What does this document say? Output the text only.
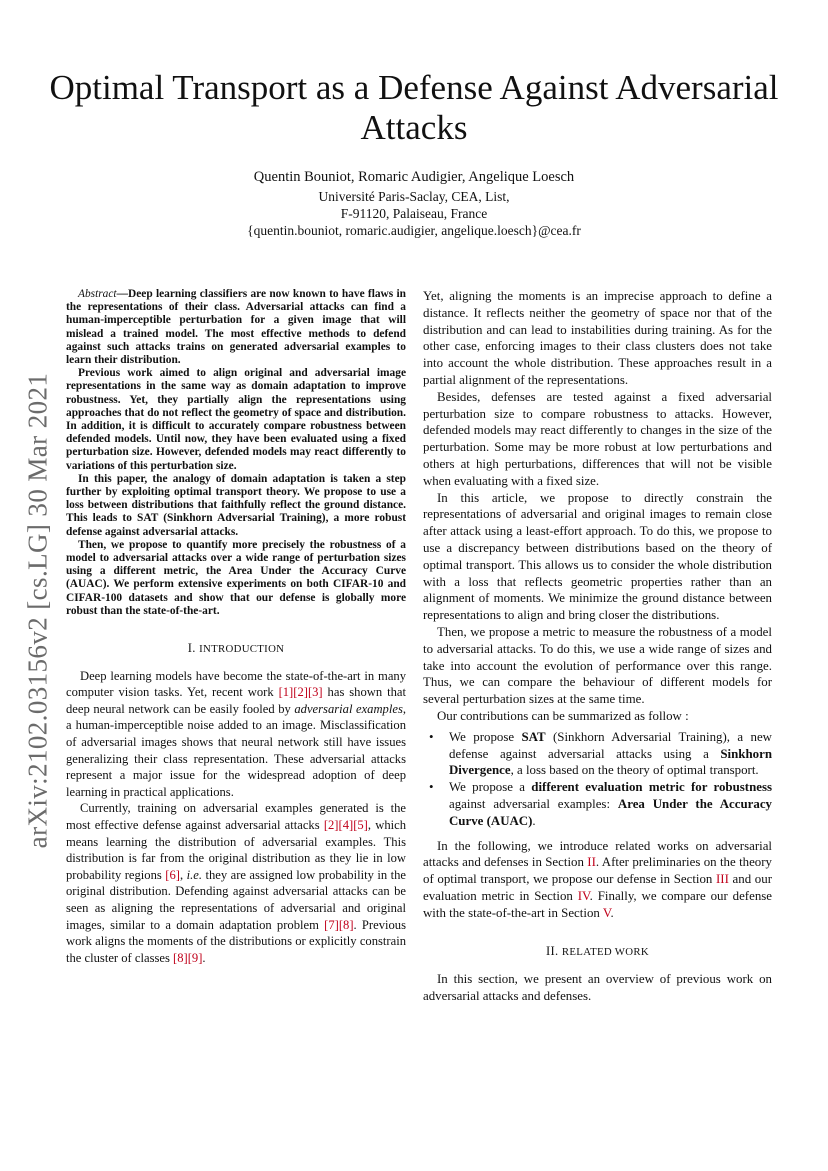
arXiv:2102.03156v2 [cs.LG] 30 Mar 2021
Optimal Transport as a Defense Against Adversarial Attacks
Quentin Bouniot, Romaric Audigier, Angelique Loesch
Université Paris-Saclay, CEA, List,
F-91120, Palaiseau, France
{quentin.bouniot, romaric.audigier, angelique.loesch}@cea.fr

Abstract—Deep learning classifiers are now known to have flaws in the representations of their class. Adversarial attacks can find a human-imperceptible perturbation for a given image that will mislead a trained model. The most effective methods to defend against such attacks trains on generated adversarial examples to learn their distribution.

Previous work aimed to align original and adversarial image representations in the same way as domain adaptation to improve robustness. Yet, they partially align the representations using approaches that do not reflect the geometry of space and distribution. In addition, it is difficult to accurately compare robustness between defended models. Until now, they have been evaluated using a fixed perturbation size. However, defended models may react differently to variations of this perturbation size.

In this paper, the analogy of domain adaptation is taken a step further by exploiting optimal transport theory. We propose to use a loss between distributions that faithfully reflect the ground distance. This leads to SAT (Sinkhorn Adversarial Training), a more robust defense against adversarial attacks.

Then, we propose to quantify more precisely the robustness of a model to adversarial attacks over a wide range of perturbation sizes using a different metric, the Area Under the Accuracy Curve (AUAC). We perform extensive experiments on both CIFAR-10 and CIFAR-100 datasets and show that our defense is globally more robust than the state-of-the-art.

I. INTRODUCTION

Deep learning models have become the state-of-the-art in many computer vision tasks. Yet, recent work [1][2][3] has shown that deep neural network can be easily fooled by adversarial examples, a human-imperceptible noise added to an image. Misclassification of adversarial images shows that neural network still have issues generalizing their class representation. These adversarial attacks represent a major issue for the widespread adoption of deep learning in practical applications.

Currently, training on adversarial examples generated is the most effective defense against adversarial attacks [2][4][5], which means learning the distribution of adversarial examples. This distribution is far from the original distribution as they lie in low probability regions [6], i.e. they are assigned low probability in the original distribution. Defending against adversarial attacks can be seen as aligning the representations of adversarial and original images, similar to a domain adaptation problem [7][8]. Previous work aligns the moments of the distributions or explicitly constrain the cluster of classes [8][9].

Yet, aligning the moments is an imprecise approach to define a distance. It reflects neither the geometry of space nor that of the distribution and can lead to instabilities during training. As for the other case, enforcing images to their class clusters does not take into account the whole distribution. These approaches result in a partial alignment of the representations.

Besides, defenses are tested against a fixed adversarial perturbation size to compare robustness to attacks. However, defended models may react differently to changes in the size of the perturbation. Some may be more robust at low perturbations and others at high perturbations, differences that will not be visible when evaluating with a fixed size.

In this article, we propose to directly constrain the representations of adversarial and original images to remain close after attack using a least-effort approach. To do this, we propose to use a discrepancy between distributions based on the theory of optimal transport. This allows us to consider the whole distribution with a loss that reflects geometric properties rather than an alignment of moments. We minimize the ground distance between representations to align and bring closer the distributions.

Then, we propose a metric to measure the robustness of a model to adversarial attacks. To do this, we use a wide range of sizes and take into account the evolution of performance over this range. Thus, we can compare the behaviour of different models for several perturbation sizes at the same time.

Our contributions can be summarized as follow :

• We propose SAT (Sinkhorn Adversarial Training), a new defense against adversarial attacks using a Sinkhorn Divergence, a loss based on the theory of optimal transport.
• We propose a different evaluation metric for robustness against adversarial examples: Area Under the Accuracy Curve (AUAC).

In the following, we introduce related works on adversarial attacks and defenses in Section II. After preliminaries on the theory of optimal transport, we propose our defense in Section III and our evaluation metric in Section IV. Finally, we compare our defense with the state-of-the-art in Section V.

II. RELATED WORK

In this section, we present an overview of previous work on adversarial attacks and defenses.
